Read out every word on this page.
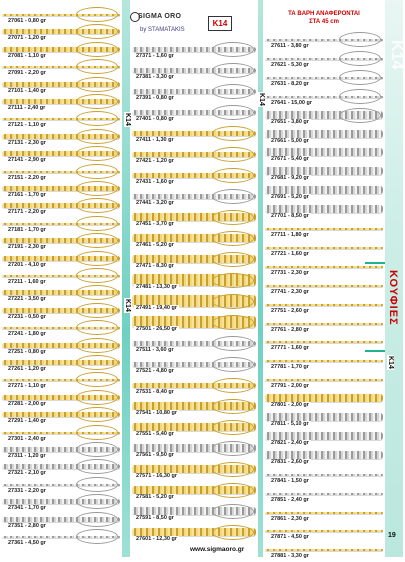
27061 - 0,80 gr
27071 - 1,20 gr
27081 - 1,10 gr
27091 - 2,20 gr
27101 - 1,40 gr
27111 - 2,40 gr
27121 - 1,10 gr
27131 - 2,30 gr
27141 - 2,90 gr
27151 - 2,20 gr
27161 - 1,70 gr
27171 - 2,20 gr
27181 - 1,70 gr
27191 - 2,30 gr
27201 - 4,10 gr
27211 - 1,60 gr
27221 - 3,50 gr
27231 - 0,50 gr
27241 - 1,80 gr
27251 - 0,80 gr
27261 - 1,20 gr
27271 - 1,10 gr
27281 - 2,00 gr
27291 - 1,40 gr
27301 - 2,40 gr
27311 - 1,20 gr
27321 - 2,10 gr
27331 - 2,20 gr
27341 - 1,70 gr
27351 - 2,80 gr
27361 - 4,50 gr
27371 - 1,60 gr
27381 - 3,30 gr
27391 - 0,80 gr
27401 - 0,80 gr
27411 - 1,30 gr
27421 - 1,20 gr
27431 - 1,60 gr
27441 - 3,20 gr
27451 - 3,70 gr
27461 - 5,20 gr
27471 - 8,30 gr
27481 - 13,30 gr
27491 - 19,40 gr
27501 - 26,50 gr
27511 - 3,60 gr
27521 - 4,80 gr
27531 - 8,40 gr
27541 - 10,80 gr
27551 - 5,40 gr
27561 - 9,50 gr
27571 - 16,30 gr
27581 - 5,20 gr
27591 - 8,50 gr
27601 - 12,30 gr
27611 - 3,80 gr
27621 - 5,30 gr
27631 - 8,20 gr
27641 - 15,00 gr
27651 - 3,80 gr
27661 - 5,00 gr
27671 - 5,40 gr
27681 - 9,20 gr
27691 - 5,20 gr
27701 - 8,50 gr
27711 - 1,80 gr
27721 - 1,60 gr
27731 - 2,30 gr
27741 - 2,30 gr
27751 - 2,60 gr
27761 - 2,80 gr
27771 - 1,60 gr
27781 - 1,70 gr
27791 - 2,00 gr
27801 - 2,00 gr
27811 - 5,10 gr
27821 - 2,40 gr
27831 - 2,60 gr
27841 - 1,50 gr
27851 - 2,40 gr
27861 - 2,30 gr
27871 - 4,50 gr
27881 - 3,30 gr
SIGMA ORO
by STAMATAKIS
K14
ΤΑ ΒΑΡΗ ΑΝΑΦΕΡΟΝΤΑΙ
ΣΤΑ 45 cm
K14
K14
K14
K14
K14
ΚΟΥΦΙΕΣ
www.sigmaoro.gr
19
